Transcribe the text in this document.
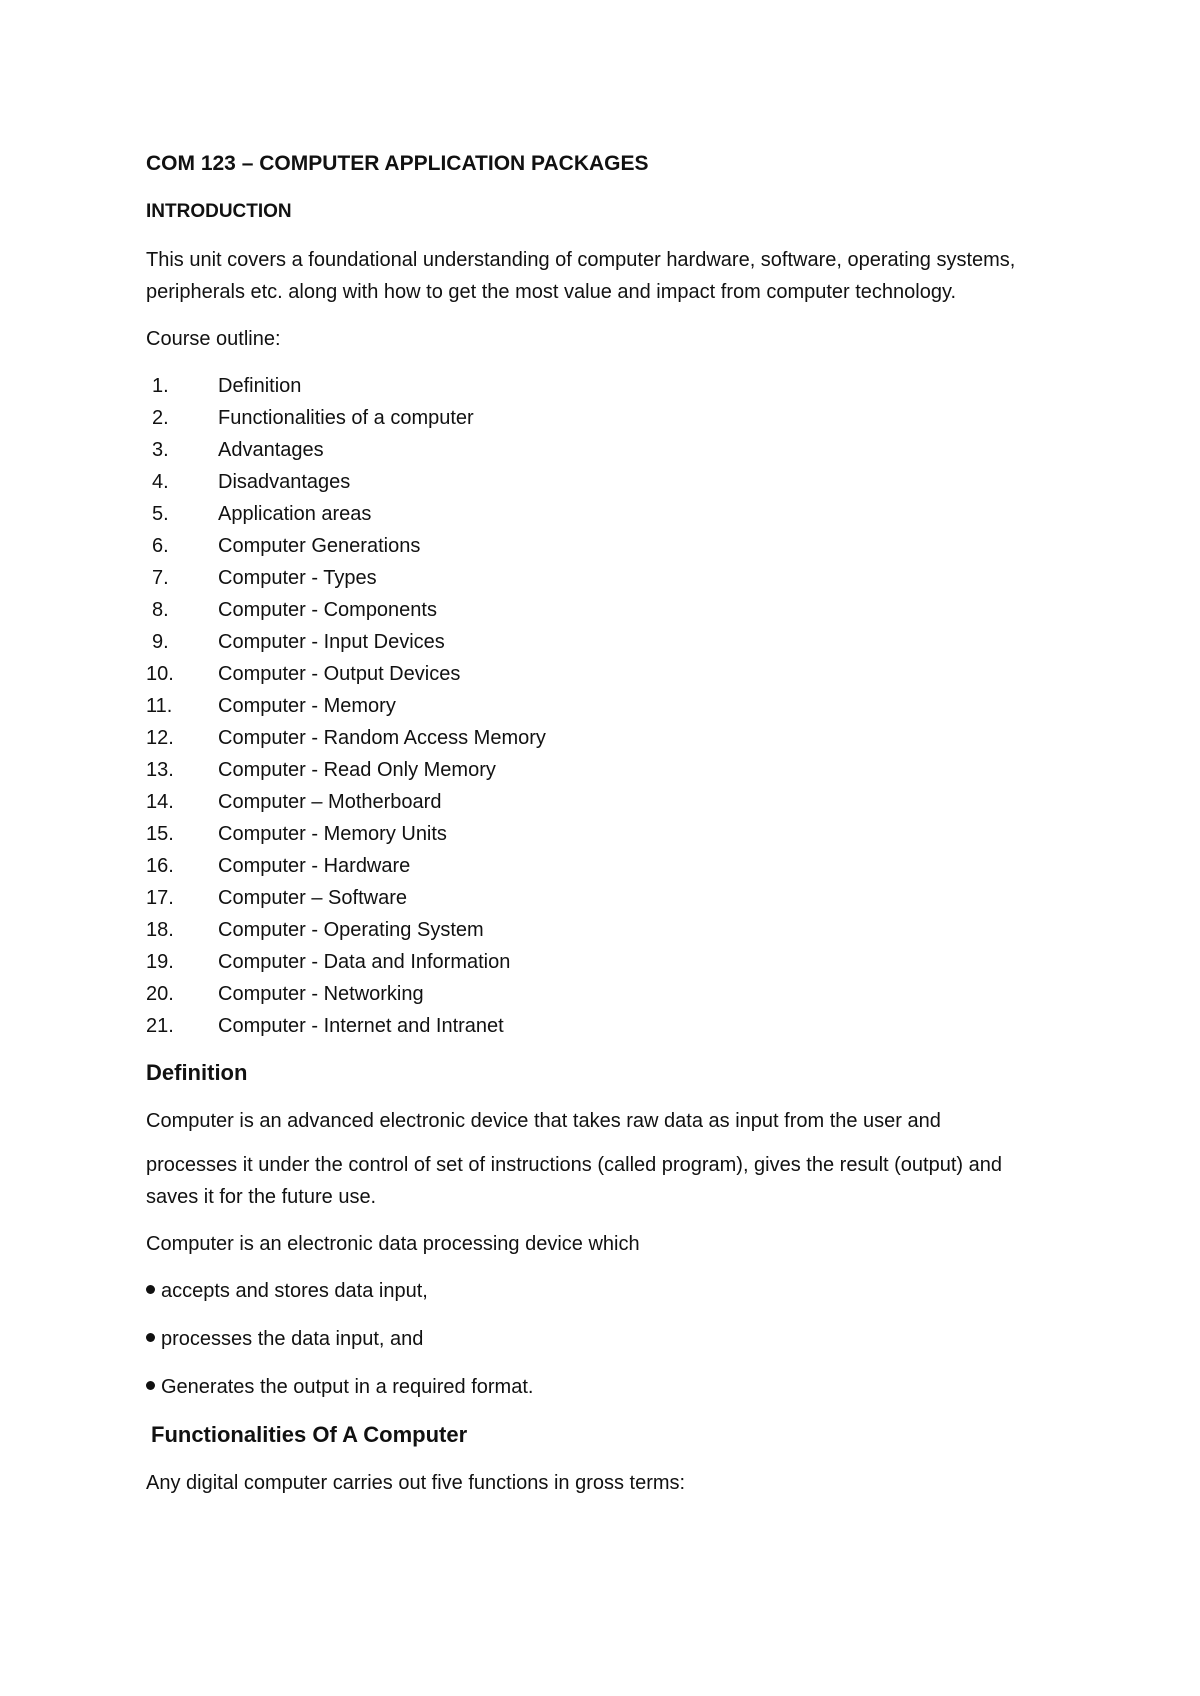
COM 123 – COMPUTER APPLICATION PACKAGES
INTRODUCTION

This unit covers a foundational understanding of computer hardware, software, operating systems, peripherals etc. along with how to get the most value and impact from computer technology.

Course outline:

1.	Definition
2.	Functionalities of a computer
3.	Advantages
4.	Disadvantages
5.	Application areas
6.	Computer Generations
7.	Computer - Types
8.	Computer - Components
9.	Computer - Input Devices
10.	Computer - Output Devices
11.	Computer - Memory
12.	Computer - Random Access Memory
13.	Computer - Read Only Memory
14.	Computer – Motherboard
15.	Computer - Memory Units
16.	Computer - Hardware
17.	Computer – Software
18.	Computer - Operating System
19.	Computer - Data and Information
20.	Computer - Networking
21.	Computer - Internet and Intranet
Definition

Computer is an advanced electronic device that takes raw data as input from the user and

processes it under the control of set of instructions (called program), gives the result (output) and saves it for the future use.

Computer is an electronic data processing device which

accepts and stores data input,
processes the data input, and
Generates the output in a required format.
Functionalities Of A Computer

Any digital computer carries out five functions in gross terms:
